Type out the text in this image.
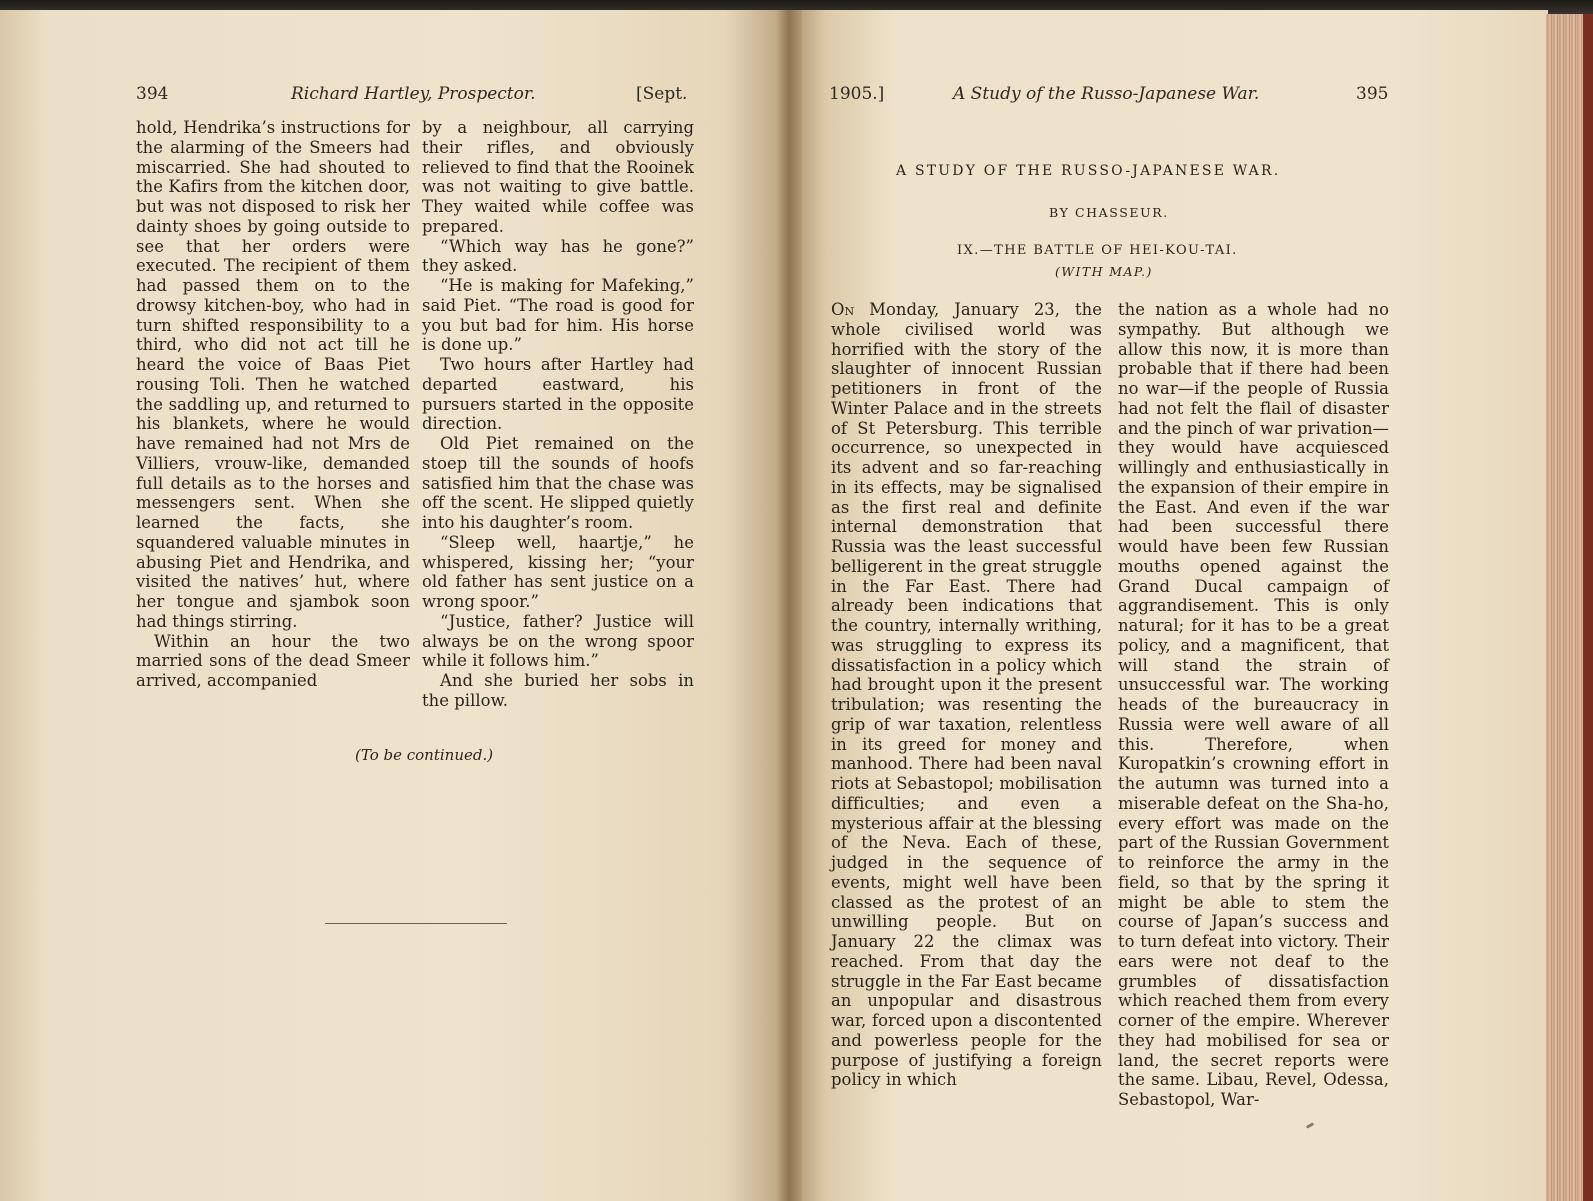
394	Richard Hartley, Prospector.	[Sept.

hold, Hendrika’s instructions for the alarming of the Smeers had miscarried. She had shouted to the Kafirs from the kitchen door, but was not disposed to risk her dainty shoes by going outside to see that her orders were executed. The recipient of them had passed them on to the drowsy kitchen-boy, who had in turn shifted responsibility to a third, who did not act till he heard the voice of Baas Piet rousing Toli. Then he watched the saddling up, and returned to his blankets, where he would have remained had not Mrs de Villiers, vrouw-like, demanded full details as to the horses and messengers sent. When she learned the facts, she squandered valuable minutes in abusing Piet and Hendrika, and visited the natives’ hut, where her tongue and sjambok soon had things stirring.

Within an hour the two married sons of the dead Smeer arrived, accompanied

by a neighbour, all carrying their rifles, and obviously relieved to find that the Rooinek was not waiting to give battle. They waited while coffee was prepared.

“Which way has he gone?” they asked.

“He is making for Mafeking,” said Piet. “The road is good for you but bad for him. His horse is done up.”

Two hours after Hartley had departed eastward, his pursuers started in the opposite direction.

Old Piet remained on the stoep till the sounds of hoofs satisfied him that the chase was off the scent. He slipped quietly into his daughter’s room.

“Sleep well, haartje,” he whispered, kissing her; “your old father has sent justice on a wrong spoor.”

“Justice, father? Justice will always be on the wrong spoor while it follows him.”

And she buried her sobs in the pillow.

(To be continued.)
1905.]	A Study of the Russo-Japanese War.	395
A STUDY OF THE RUSSO-JAPANESE WAR.
BY CHASSEUR.
IX.—THE BATTLE OF HEI-KOU-TAI.
(WITH MAP.)

On Monday, January 23, the whole civilised world was horrified with the story of the slaughter of innocent Russian petitioners in front of the Winter Palace and in the streets of St Petersburg. This terrible occurrence, so unexpected in its advent and so far-reaching in its effects, may be signalised as the first real and definite internal demonstration that Russia was the least successful belligerent in the great struggle in the Far East. There had already been indications that the country, internally writhing, was struggling to express its dissatisfaction in a policy which had brought upon it the present tribulation; was resenting the grip of war taxation, relentless in its greed for money and manhood. There had been naval riots at Sebastopol; mobilisation difficulties; and even a mysterious affair at the blessing of the Neva. Each of these, judged in the sequence of events, might well have been classed as the protest of an unwilling people. But on January 22 the climax was reached. From that day the struggle in the Far East became an unpopular and disastrous war, forced upon a discontented and powerless people for the purpose of justifying a foreign policy in which

the nation as a whole had no sympathy. But although we allow this now, it is more than probable that if there had been no war—if the people of Russia had not felt the flail of disaster and the pinch of war privation—they would have acquiesced willingly and enthusiastically in the expansion of their empire in the East. And even if the war had been successful there would have been few Russian mouths opened against the Grand Ducal campaign of aggrandisement. This is only natural; for it has to be a great policy, and a magnificent, that will stand the strain of unsuccessful war. The working heads of the bureaucracy in Russia were well aware of all this. Therefore, when Kuropatkin’s crowning effort in the autumn was turned into a miserable defeat on the Sha-ho, every effort was made on the part of the Russian Government to reinforce the army in the field, so that by the spring it might be able to stem the course of Japan’s success and to turn defeat into victory. Their ears were not deaf to the grumbles of dissatisfaction which reached them from every corner of the empire. Wherever they had mobilised for sea or land, the secret reports were the same. Libau, Revel, Odessa, Sebastopol, War-
